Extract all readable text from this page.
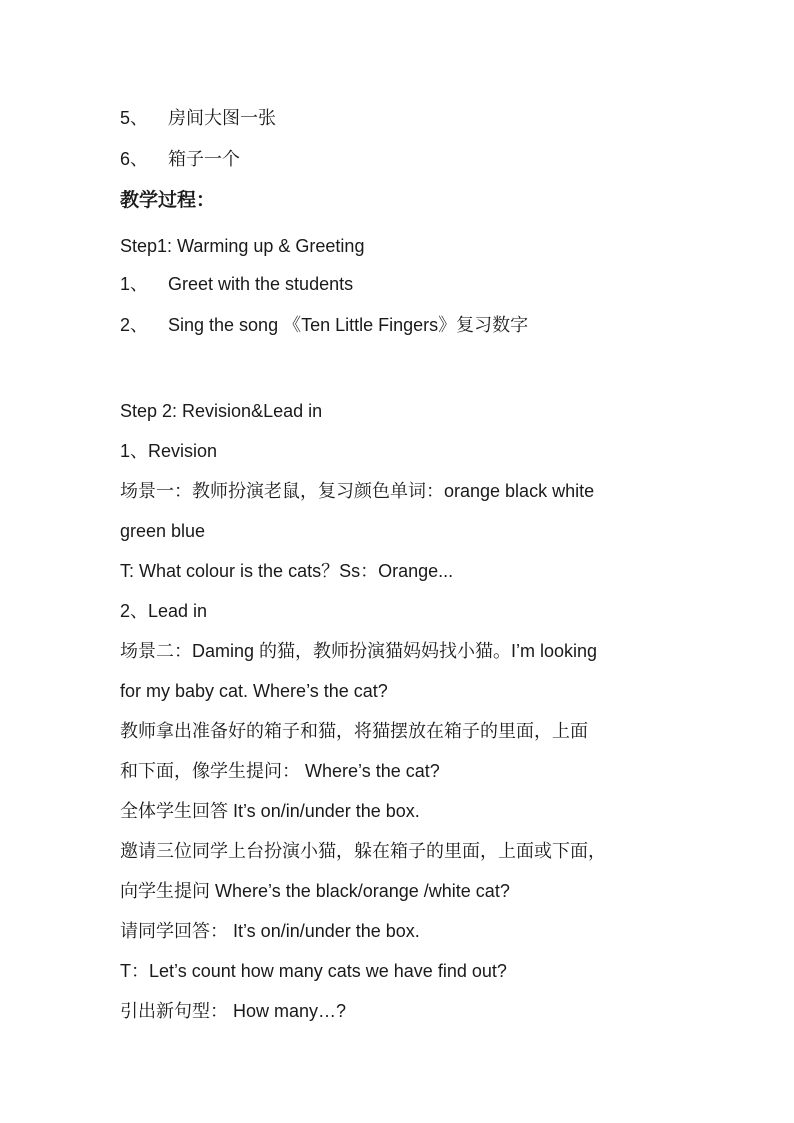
5、 房间大图一张
6、 箱子一个
教学过程：
Step1: Warming up & Greeting
1、 Greet with the students
2、 Sing the song 《Ten Little Fingers》复习数字
Step 2: Revision&Lead in
1、Revision
场景一：教师扮演老鼠，复习颜色单词：orange black white
green blue
T: What colour is the cats？Ss：Orange...
2、Lead in
场景二：Daming 的猫，教师扮演猫妈妈找小猫。I’m looking
for my baby cat. Where’s the cat?
教师拿出准备好的箱子和猫，将猫摆放在箱子的里面，上面
和下面，像学生提问： Where’s the cat?
全体学生回答 It’s on/in/under the box.
邀请三位同学上台扮演小猫，躲在箱子的里面，上面或下面，
向学生提问 Where’s the black/orange /white cat?
请同学回答： It’s on/in/under the box.
T：Let’s count how many cats we have find out?
引出新句型： How many…?
